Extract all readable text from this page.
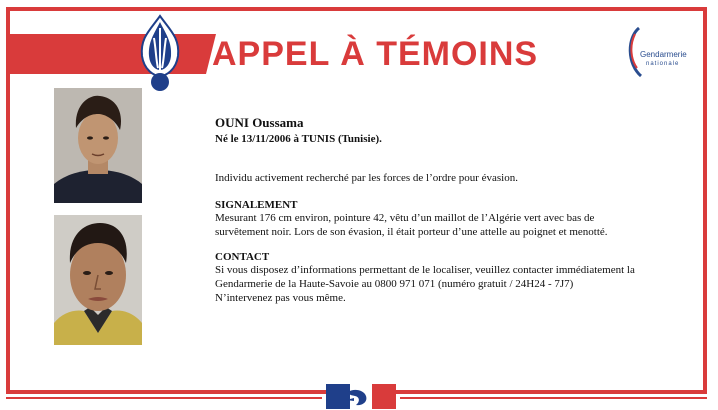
APPEL À TÉMOINS	Gendarmerie
nationale
OUNI Oussama
Né le 13/11/2006 à TUNIS (Tunisie).
Individu activement recherché par les forces de l’ordre pour évasion.
SIGNALEMENT
Mesurant 176 cm environ, pointure 42, vêtu d’un maillot de l’Algérie vert avec bas de
survêtement noir. Lors de son évasion, il était porteur d’une attelle au poignet et menotté.
CONTACT
Si vous disposez d’informations permettant de le localiser, veuillez contacter immédiatement la
Gendarmerie de la Haute-Savoie au 0800 971 071 (numéro gratuit / 24H24 - 7J7)
N’intervenez pas vous même.
